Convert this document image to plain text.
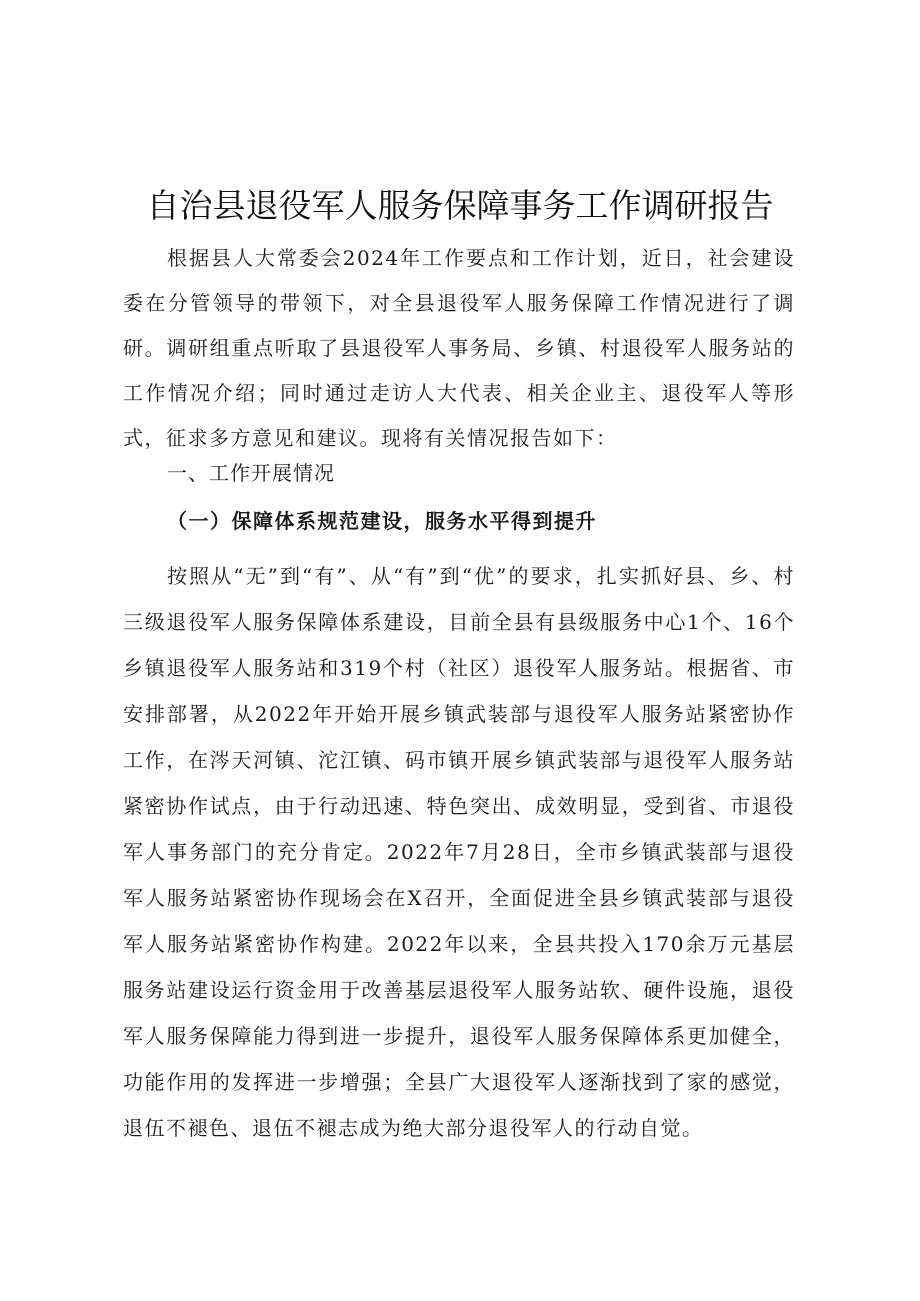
自治县退役军人服务保障事务工作调研报告

根据县人大常委会2024年工作要点和工作计划，近日，社会建设委在分管领导的带领下，对全县退役军人服务保障工作情况进行了调研。调研组重点听取了县退役军人事务局、乡镇、村退役军人服务站的工作情况介绍；同时通过走访人大代表、相关企业主、退役军人等形式，征求多方意见和建议。现将有关情况报告如下：

一、工作开展情况
（一）保障体系规范建设，服务水平得到提升

按照从“无”到“有”、从“有”到“优”的要求，扎实抓好县、乡、村三级退役军人服务保障体系建设，目前全县有县级服务中心1个、16个乡镇退役军人服务站和319个村（社区）退役军人服务站。根据省、市安排部署，从2022年开始开展乡镇武装部与退役军人服务站紧密协作工作，在涔天河镇、沱江镇、码市镇开展乡镇武装部与退役军人服务站紧密协作试点，由于行动迅速、特色突出、成效明显，受到省、市退役军人事务部门的充分肯定。2022年7月28日，全市乡镇武装部与退役军人服务站紧密协作现场会在X召开，全面促进全县乡镇武装部与退役军人服务站紧密协作构建。2022年以来，全县共投入170余万元基层服务站建设运行资金用于改善基层退役军人服务站软、硬件设施，退役军人服务保障能力得到进一步提升，退役军人服务保障体系更加健全，功能作用的发挥进一步增强；全县广大退役军人逐渐找到了家的感觉，退伍不褪色、退伍不褪志成为绝大部分退役军人的行动自觉。
